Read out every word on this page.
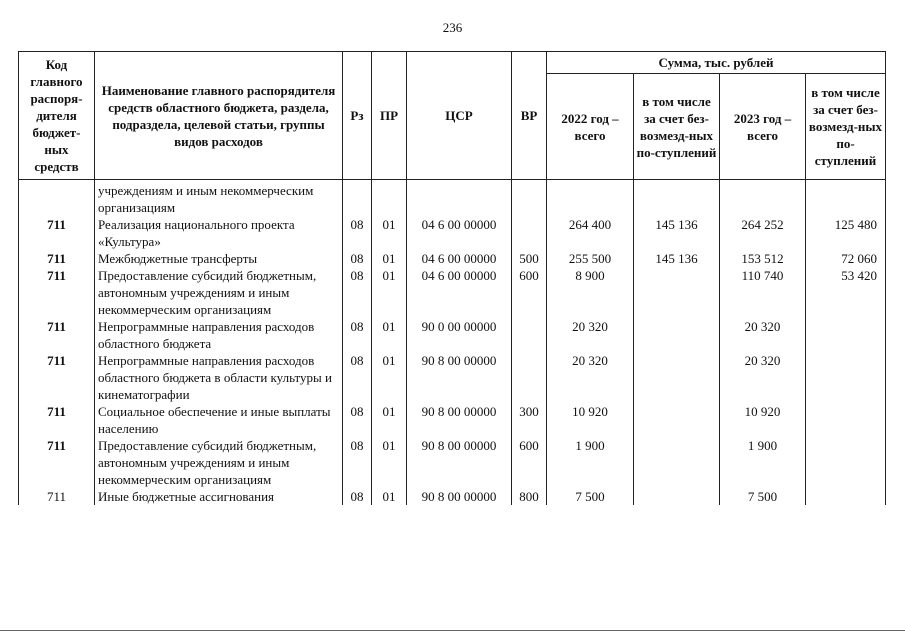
236
Код главного распоря-дителя бюджет-ных средств	Наименование главного распорядителя средств областного бюджета, раздела, подраздела, целевой статьи, группы видов расходов	Рз	ПР	ЦСР	ВР	Сумма, тыс. рублей			
						2022 год – всего	в том числе за счет без-возмезд-ных по-ступлений	2023 год – всего	в том числе за счет без-возмезд-ных по-ступлений
	учреждениям и иным некоммерческим организациям								
711	Реализация национального проекта «Культура»	08	01	04 6 00 00000		264 400	145 136	264 252	125 480
711	Межбюджетные трансферты	08	01	04 6 00 00000	500	255 500	145 136	153 512	72 060
711	Предоставление субсидий бюджетным, автономным учреждениям и иным некоммерческим организациям	08	01	04 6 00 00000	600	8 900		110 740	53 420
711	Непрограммные направления расходов областного бюджета	08	01	90 0 00 00000		20 320		20 320	
711	Непрограммные направления расходов областного бюджета в области культуры и кинематографии	08	01	90 8 00 00000		20 320		20 320	
711	Социальное обеспечение и иные выплаты населению	08	01	90 8 00 00000	300	10 920		10 920	
711	Предоставление субсидий бюджетным, автономным учреждениям и иным некоммерческим организациям	08	01	90 8 00 00000	600	1 900		1 900	
711	Иные бюджетные ассигнования	08	01	90 8 00 00000	800	7 500		7 500	
